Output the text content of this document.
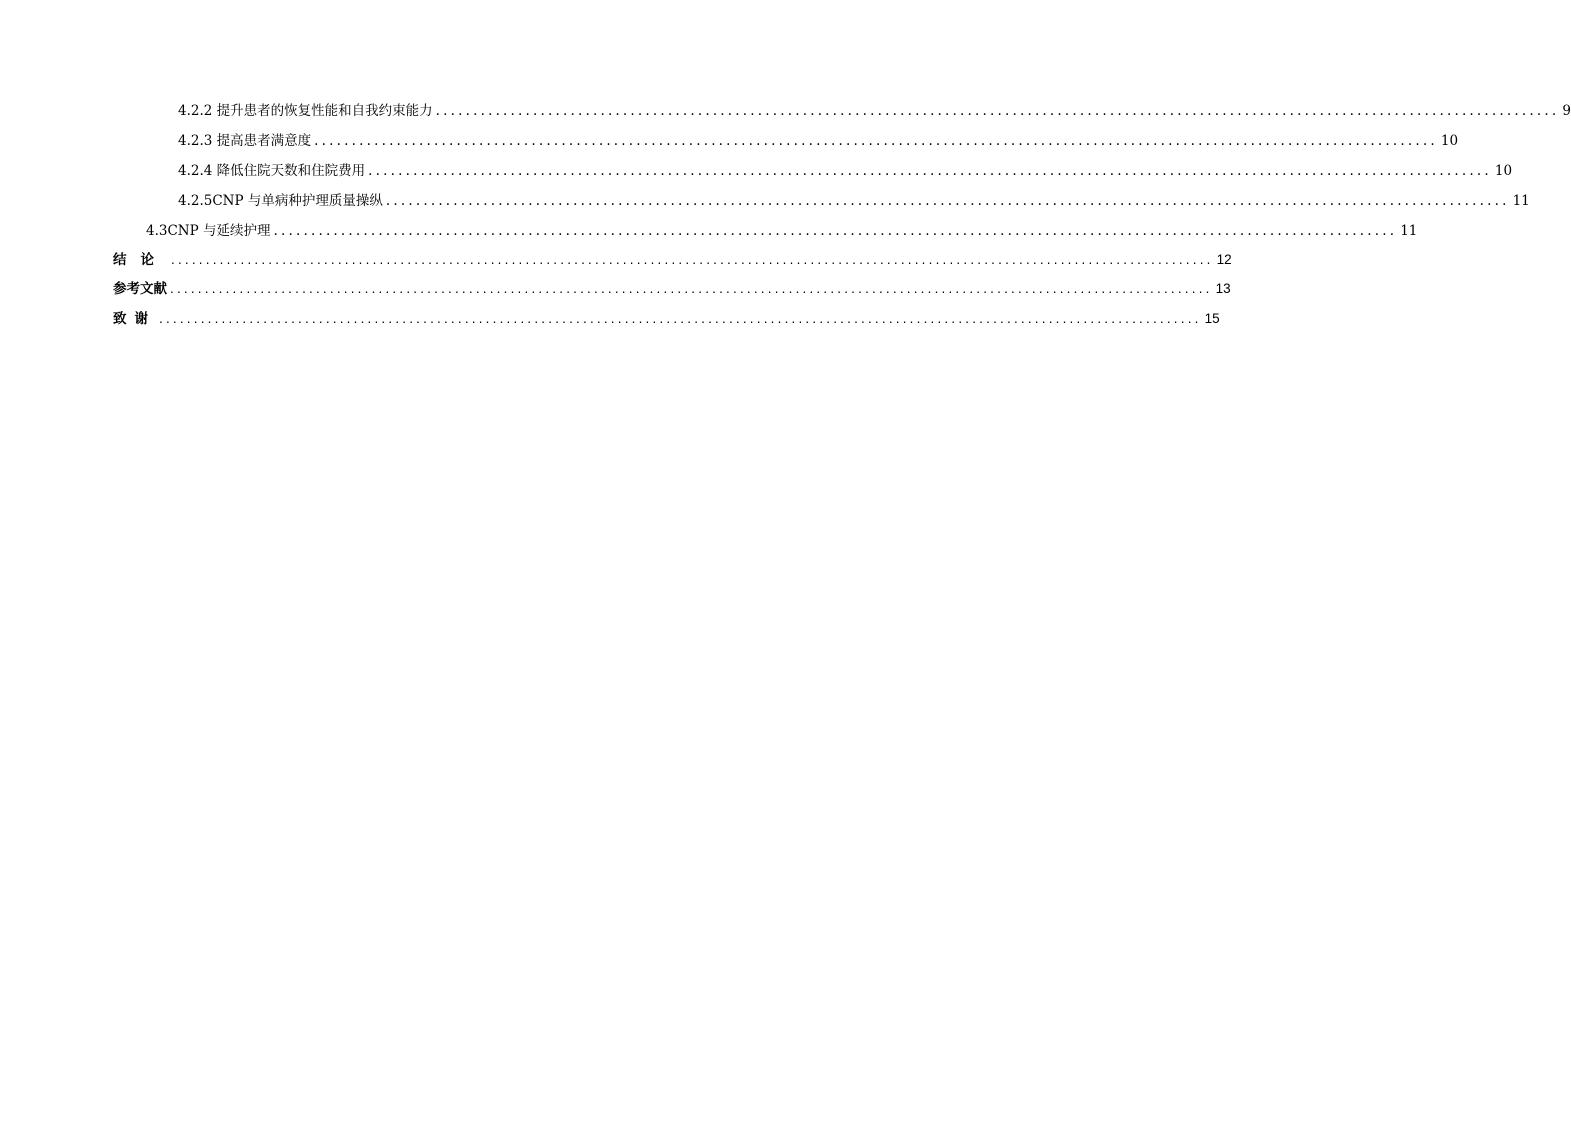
4.2.2 提升患者的恢复性能和自我约束能力 ...................................................................................................................................................... 9
4.2.3 提高患者满意度 ...................................................................................................................................................... 10
4.2.4 降低住院天数和住院费用 ...................................................................................................................................................... 10
4.2.5CNP 与单病种护理质量操纵 ...................................................................................................................................................... 11
4.3CNP 与延续护理 ...................................................................................................................................................... 11
结论 ...................................................................................................................................................... 12
参考文献 ...................................................................................................................................................... 13
致谢 ...................................................................................................................................................... 15
